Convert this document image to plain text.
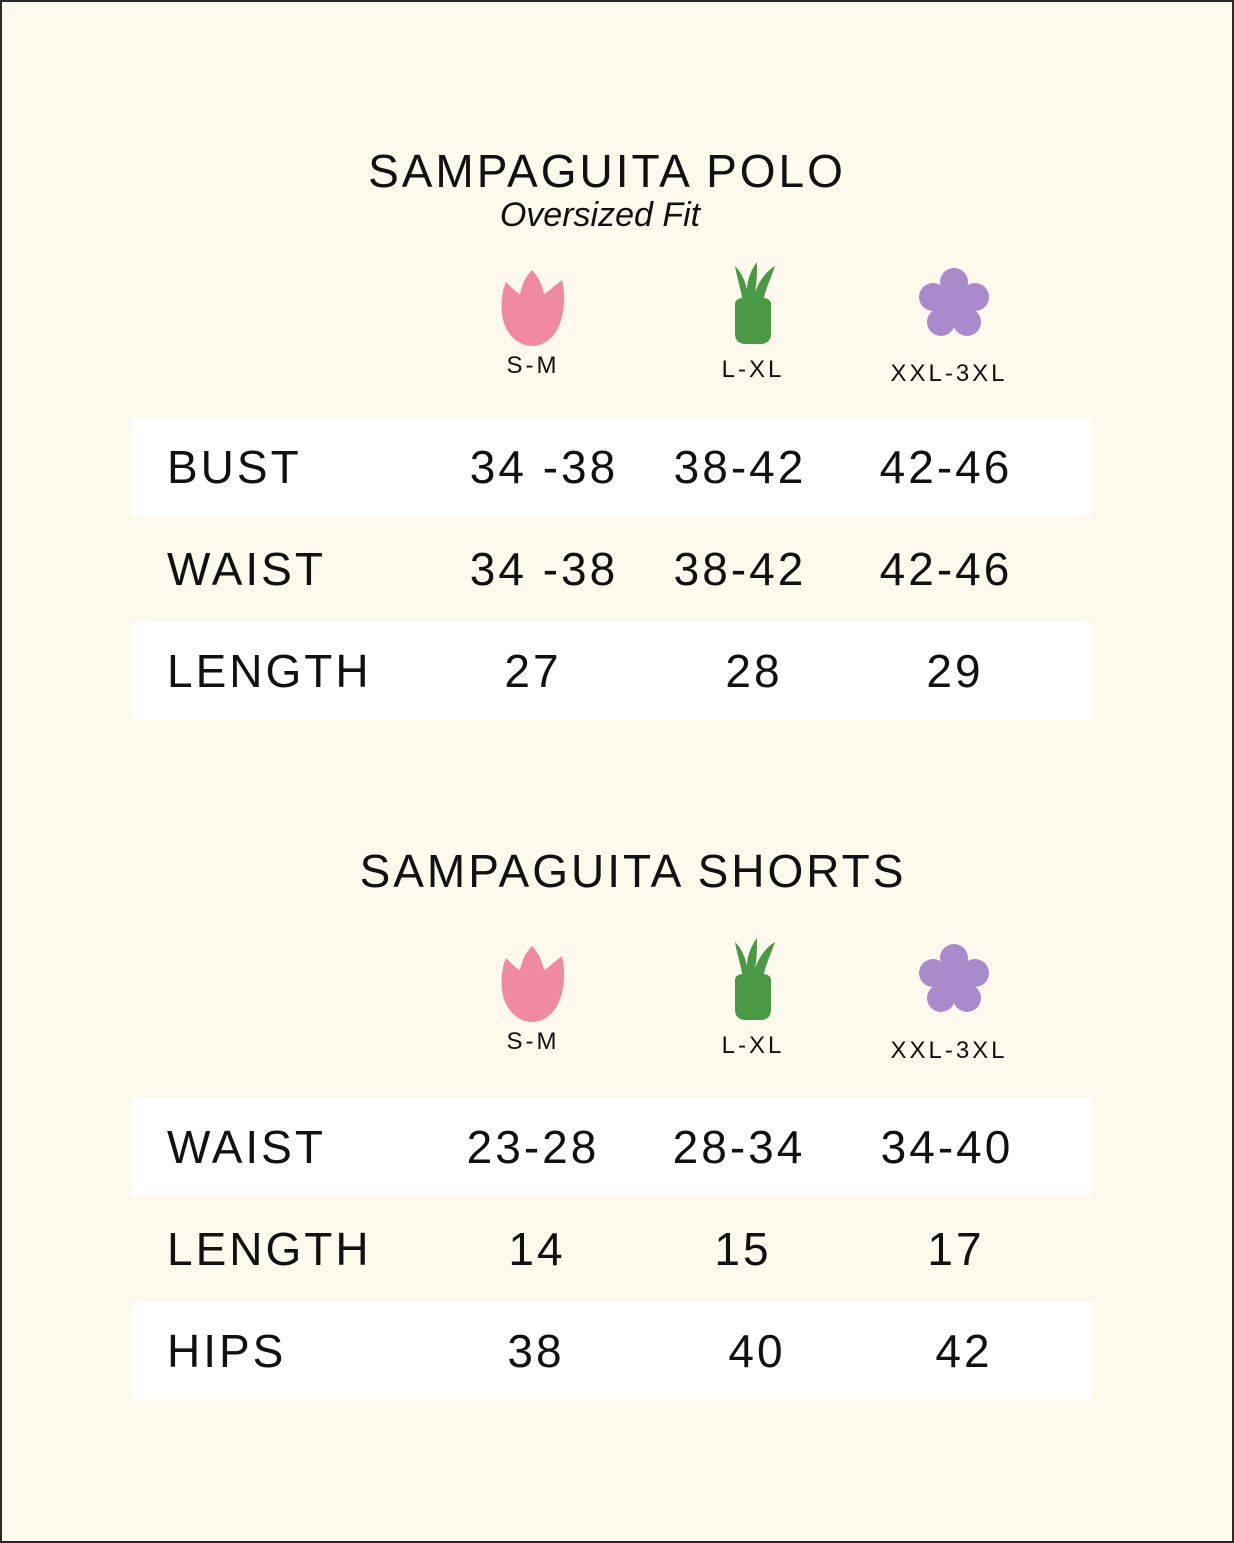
SAMPAGUITA POLO
Oversized Fit
S-M	L-XL	XXL-3XL
BUST	34 -38	38-42	42-46
WAIST	34 -38	38-42	42-46
LENGTH	27	28	29
SAMPAGUITA SHORTS
S-M	L-XL	XXL-3XL
WAIST	23-28	28-34	34-40
LENGTH	14	15	17
HIPS	38	40	42
